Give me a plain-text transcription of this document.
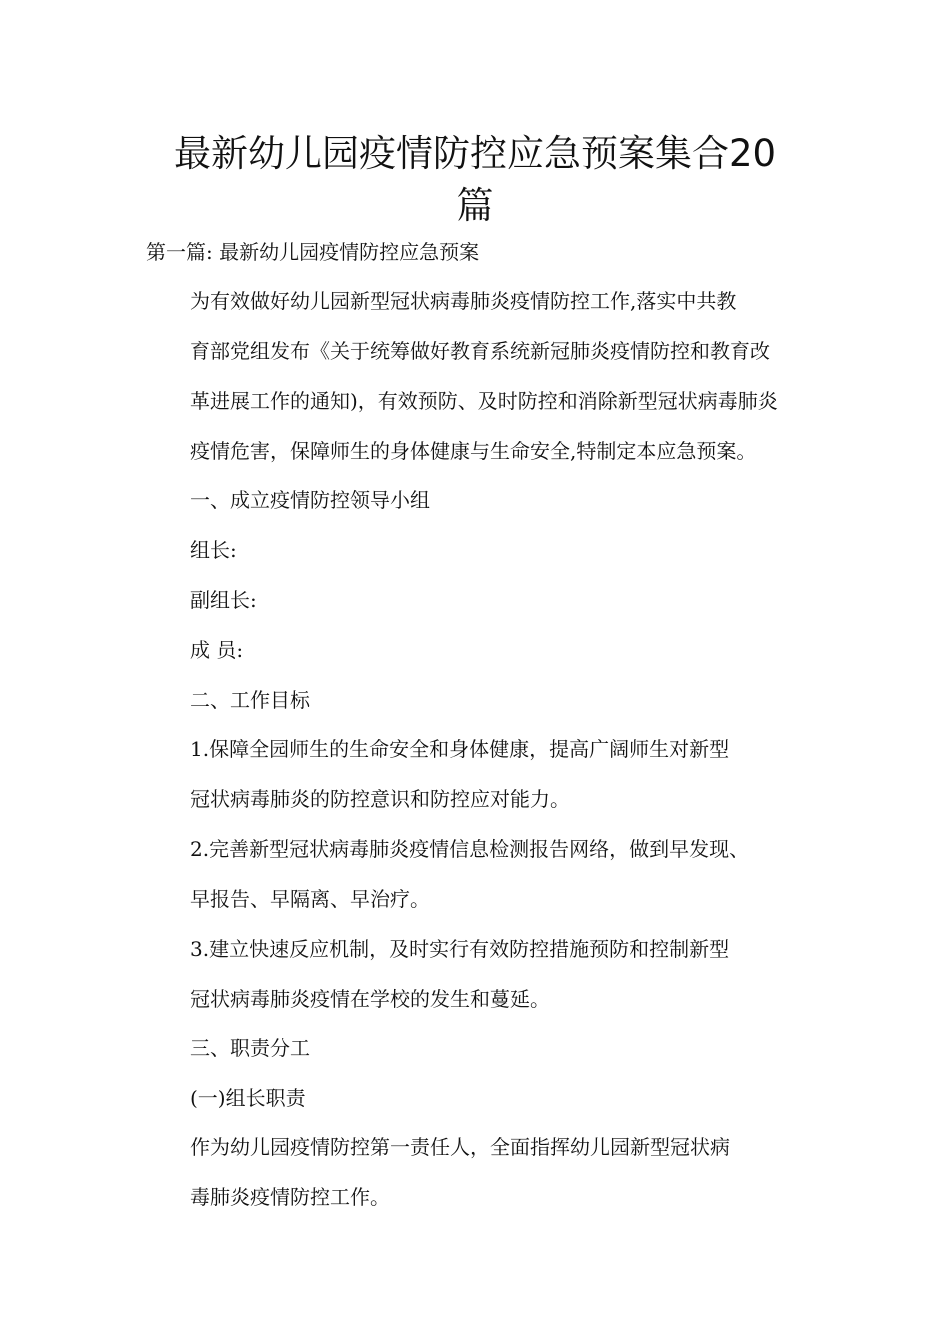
最新幼儿园疫情防控应急预案集合20
篇

第一篇: 最新幼儿园疫情防控应急预案

为有效做好幼儿园新型冠状病毒肺炎疫情防控工作,落实中共教
育部党组发布《关于统筹做好教育系统新冠肺炎疫情防控和教育改
革进展工作的通知)，有效预防、及时防控和消除新型冠状病毒肺炎
疫情危害，保障师生的身体健康与生命安全,特制定本应急预案。

一、成立疫情防控领导小组

组长:

副组长:

成 员:

二、工作目标

1.保障全园师生的生命安全和身体健康，提高广阔师生对新型
冠状病毒肺炎的防控意识和防控应对能力。
2.完善新型冠状病毒肺炎疫情信息检测报告网络，做到早发现、
早报告、早隔离、早治疗。
3.建立快速反应机制，及时实行有效防控措施预防和控制新型
冠状病毒肺炎疫情在学校的发生和蔓延。

三、职责分工

(一)组长职责

作为幼儿园疫情防控第一责任人，全面指挥幼儿园新型冠状病
毒肺炎疫情防控工作。
